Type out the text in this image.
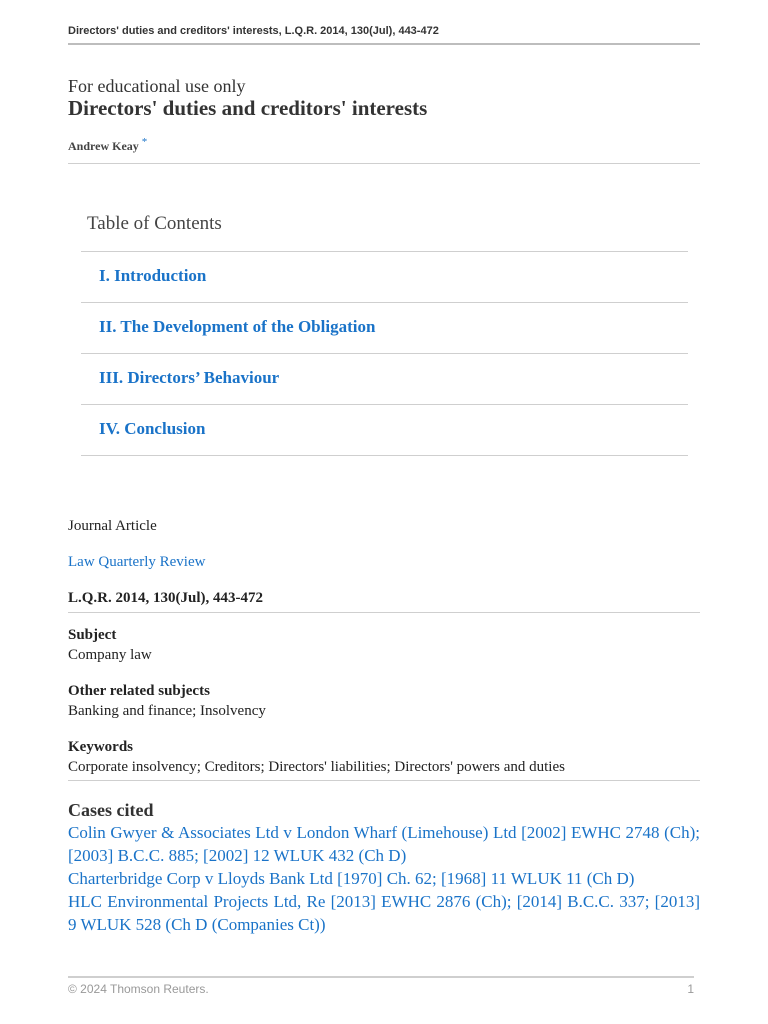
Directors' duties and creditors' interests, L.Q.R. 2014, 130(Jul), 443-472
For educational use only
Directors' duties and creditors' interests
Andrew Keay *
Table of Contents
I. Introduction
II. The Development of the Obligation
III. Directors’ Behaviour
IV. Conclusion
Journal Article
Law Quarterly Review
L.Q.R. 2014, 130(Jul), 443-472
Subject
Company law
Other related subjects
Banking and finance; Insolvency
Keywords
Corporate insolvency; Creditors; Directors' liabilities; Directors' powers and duties
Cases cited
Colin Gwyer & Associates Ltd v London Wharf (Limehouse) Ltd [2002] EWHC 2748 (Ch); [2003] B.C.C. 885; [2002] 12 WLUK 432 (Ch D)
Charterbridge Corp v Lloyds Bank Ltd [1970] Ch. 62; [1968] 11 WLUK 11 (Ch D)
HLC Environmental Projects Ltd, Re [2013] EWHC 2876 (Ch); [2014] B.C.C. 337; [2013] 9 WLUK 528 (Ch D (Companies Ct))
© 2024 Thomson Reuters.	1
